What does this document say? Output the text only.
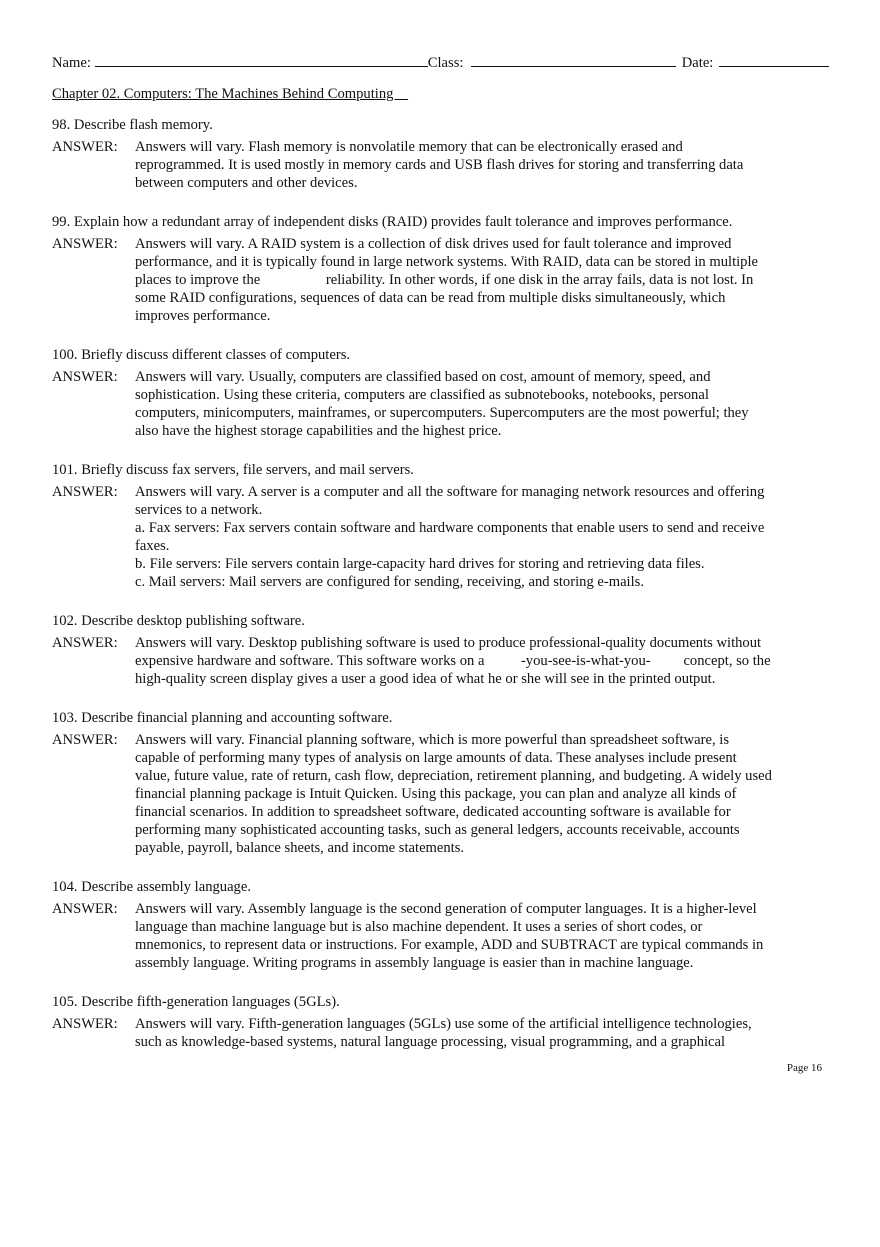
Name:	Class:	Date:
Chapter 02. Computers: The Machines Behind Computing
98. Describe flash memory.
ANSWER:	Answers will vary. Flash memory is nonvolatile memory that can be electronically erased and
reprogrammed. It is used mostly in memory cards and USB flash drives for storing and transferring data
between computers and other devices.
99. Explain how a redundant array of independent disks (RAID) provides fault tolerance and improves performance.
ANSWER:	Answers will vary. A RAID system is a collection of disk drives used for fault tolerance and improved
performance, and it is typically found in large network systems. With RAID, data can be stored in multiple
places to improve the                  reliability. In other words, if one disk in the array fails, data is not lost. In
some RAID configurations, sequences of data can be read from multiple disks simultaneously, which
improves performance.
100. Briefly discuss different classes of computers.
ANSWER:	Answers will vary. Usually, computers are classified based on cost, amount of memory, speed, and
sophistication. Using these criteria, computers are classified as subnotebooks, notebooks, personal
computers, minicomputers, mainframes, or supercomputers. Supercomputers are the most powerful; they
also have the highest storage capabilities and the highest price.
101. Briefly discuss fax servers, file servers, and mail servers.
ANSWER:	Answers will vary. A server is a computer and all the software for managing network resources and offering
services to a network.
a. Fax servers: Fax servers contain software and hardware components that enable users to send and receive
faxes.
b. File servers: File servers contain large-capacity hard drives for storing and retrieving data files.
c. Mail servers: Mail servers are configured for sending, receiving, and storing e-mails.
102. Describe desktop publishing software.
ANSWER:	Answers will vary. Desktop publishing software is used to produce professional-quality documents without
expensive hardware and software. This software works on a          -you-see-is-what-you-         concept, so the
high-quality screen display gives a user a good idea of what he or she will see in the printed output.
103. Describe financial planning and accounting software.
ANSWER:	Answers will vary. Financial planning software, which is more powerful than spreadsheet software, is
capable of performing many types of analysis on large amounts of data. These analyses include present
value, future value, rate of return, cash flow, depreciation, retirement planning, and budgeting. A widely used
financial planning package is Intuit Quicken. Using this package, you can plan and analyze all kinds of
financial scenarios. In addition to spreadsheet software, dedicated accounting software is available for
performing many sophisticated accounting tasks, such as general ledgers, accounts receivable, accounts
payable, payroll, balance sheets, and income statements.
104. Describe assembly language.
ANSWER:	Answers will vary. Assembly language is the second generation of computer languages. It is a higher-level
language than machine language but is also machine dependent. It uses a series of short codes, or
mnemonics, to represent data or instructions. For example, ADD and SUBTRACT are typical commands in
assembly language. Writing programs in assembly language is easier than in machine language.
105. Describe fifth-generation languages (5GLs).
ANSWER:	Answers will vary. Fifth-generation languages (5GLs) use some of the artificial intelligence technologies,
such as knowledge-based systems, natural language processing, visual programming, and a graphical
Page 16
